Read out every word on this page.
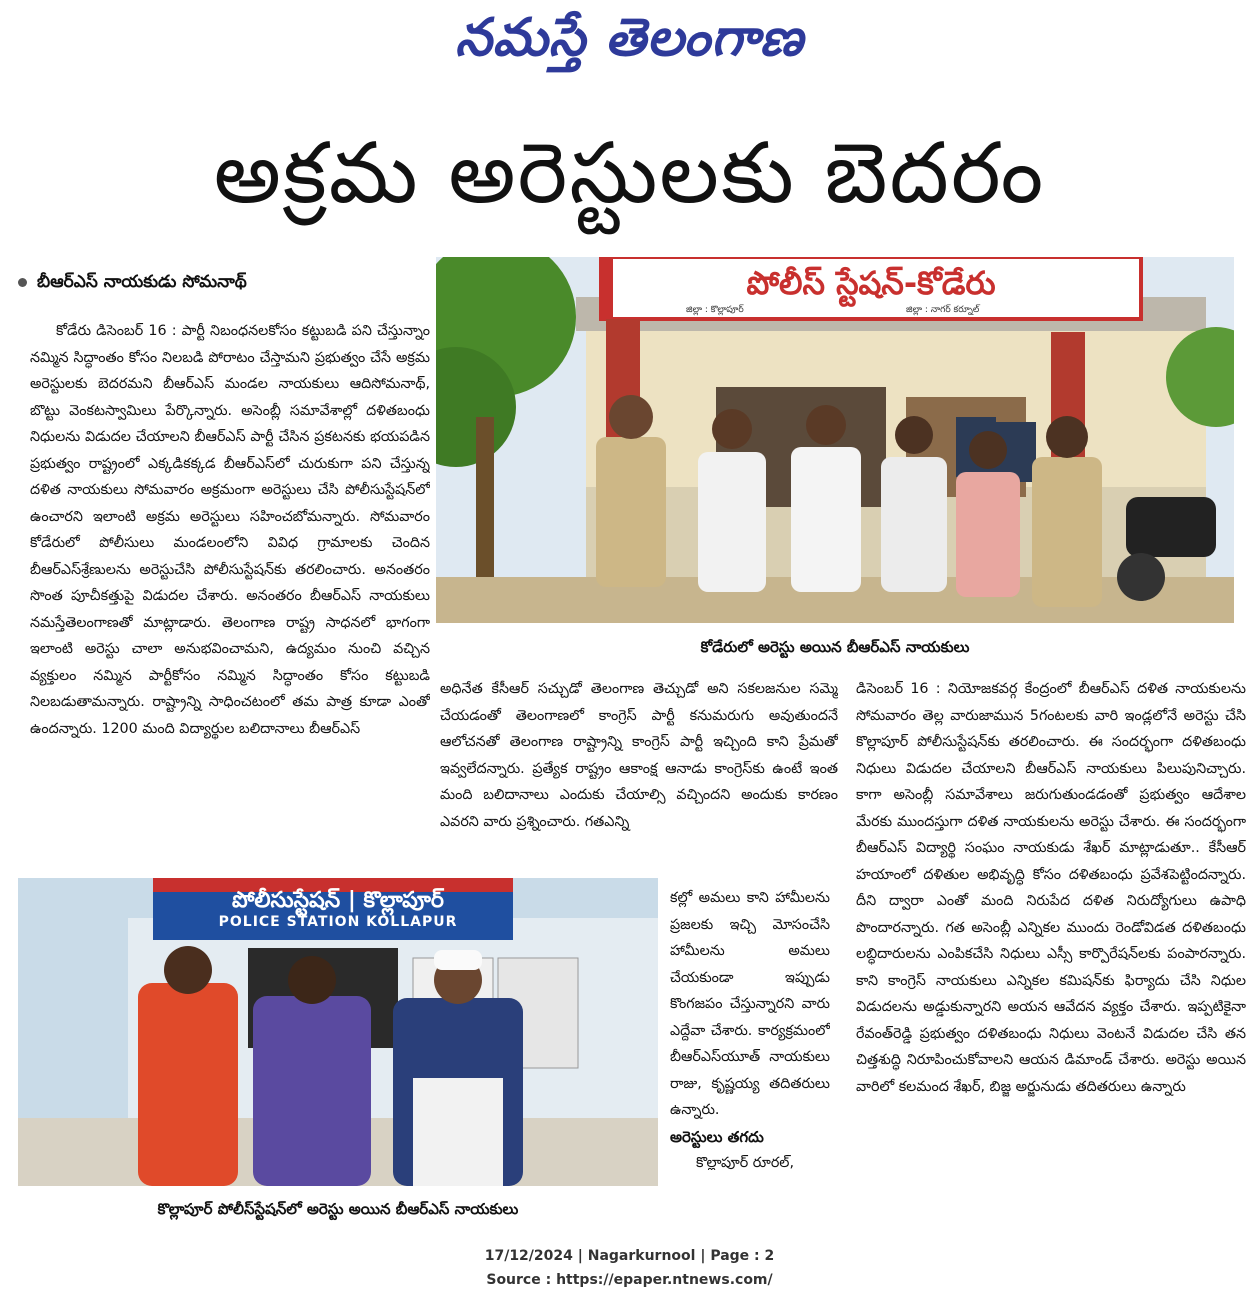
నమస్తే తెలంగాణ
అక్రమ అరెస్టులకు బెదరం
బీఆర్ఎస్ నాయకుడు సోమనాథ్

కోడేరు డిసెంబర్ 16 : పార్టీ నిబంధనలకోసం కట్టుబడి పని చేస్తున్నాం నమ్మిన సిద్ధాంతం కోసం నిలబడి పోరాటం చేస్తామని ప్రభుత్వం చేసే అక్రమ అరెస్టులకు బెదరమని బీఆర్ఎస్ మండల నాయకులు ఆదిసోమనాథ్, బొట్టు వెంకటస్వామిలు పేర్కొన్నారు. అసెంబ్లీ సమావేశాల్లో దళితబంధు నిధులను విడుదల చేయాలని బీఆర్ఎస్ పార్టీ చేసిన ప్రకటనకు భయపడిన ప్రభుత్వం రాష్ట్రంలో ఎక్కడికక్కడ బీఆర్ఎస్‌లో చురుకుగా పని చేస్తున్న దళిత నాయకులు సోమవారం అక్రమంగా అరెస్టులు చేసి పోలీసుస్టేషన్‌లో ఉంచారని ఇలాంటి అక్రమ అరెస్టులు సహించబోమన్నారు. సోమవారం కోడేరులో పోలీసులు మండలంలోని వివిధ గ్రామాలకు చెందిన బీఆర్ఎస్‌శ్రేణులను అరెస్టుచేసి పోలీసుస్టేషన్‌కు తరలించారు. అనంతరం సొంత పూచీకత్తుపై విడుదల చేశారు. అనంతరం బీఆర్ఎస్ నాయకులు నమస్తేతెలంగాణతో మాట్లాడారు. తెలంగాణ రాష్ట్ర సాధనలో భాగంగా ఇలాంటి అరెస్టు చాలా అనుభవించామని, ఉద్యమం నుంచి వచ్చిన వ్యక్తులం నమ్మిన పార్టీకోసం నమ్మిన సిద్ధాంతం కోసం కట్టుబడి నిలబడుతామన్నారు. రాష్ట్రాన్ని సాధించటంలో తమ పాత్ర కూడా ఎంతో ఉందన్నారు. 1200 మంది విద్యార్థుల బలిదానాలు బీఆర్ఎస్

పోలీస్ స్టేషన్-కోడేరు
జిల్లా : కొల్లాపూర్	జిల్లా : నాగర్ కర్నూల్
కోడేరులో అరెస్టు అయిన బీఆర్ఎస్ నాయకులు

అధినేత కేసీఆర్ సచ్చుడో తెలంగాణ తెచ్చుడో అని సకలజనుల సమ్మె చేయడంతో తెలంగాణలో కాంగ్రెస్ పార్టీ కనుమరుగు అవుతుందనే ఆలోచనతో తెలంగాణ రాష్ట్రాన్ని కాంగ్రెస్ పార్టీ ఇచ్చింది కాని ప్రేమతో ఇవ్వలేదన్నారు. ప్రత్యేక రాష్ట్రం ఆకాంక్ష ఆనాడు కాంగ్రెస్‌కు ఉంటే ఇంత మంది బలిదానాలు ఎందుకు చేయాల్సి వచ్చిందని అందుకు కారణం ఎవరని వారు ప్రశ్నించారు. గతఎన్ని

కల్లో అమలు కాని హామీలను ప్రజలకు ఇచ్చి మోసంచేసి హామీలను అమలు చేయకుండా ఇప్పుడు కొంగజపం చేస్తున్నారని వారు ఎద్దేవా చేశారు. కార్యక్రమంలో బీఆర్ఎస్‌యూత్ నాయకులు రాజు, కృష్ణయ్య తదితరులు ఉన్నారు.

అరెస్టులు తగదు

కొల్లాపూర్ రూరల్,

పోలీసుస్టేషన్ | కొల్లాపూర్
POLICE STATION KOLLAPUR
కొల్లాపూర్ పోలీస్‌స్టేషన్‌లో అరెస్టు అయిన బీఆర్ఎస్ నాయకులు

డిసెంబర్ 16 : నియోజకవర్గ కేంద్రంలో బీఆర్ఎస్ దళిత నాయకులను సోమవారం తెల్ల వారుజామున 5గంటలకు వారి ఇండ్లలోనే అరెస్టు చేసి కొల్లాపూర్ పోలీసుస్టేషన్‌కు తరలించారు. ఈ సందర్భంగా దళితబంధు నిధులు విడుదల చేయాలని బీఆర్ఎస్ నాయకులు పిలుపునిచ్చారు. కాగా అసెంబ్లీ సమావేశాలు జరుగుతుండడంతో ప్రభుత్వం ఆదేశాల మేరకు ముందస్తుగా దళిత నాయకులను అరెస్టు చేశారు. ఈ సందర్భంగా బీఆర్ఎస్ విద్యార్థి సంఘం నాయకుడు శేఖర్ మాట్లాడుతూ.. కేసీఆర్ హయాంలో దళితుల అభివృద్ధి కోసం దళితబంధు ప్రవేశపెట్టిందన్నారు. దీని ద్వారా ఎంతో మంది నిరుపేద దళిత నిరుద్యోగులు ఉపాధి పొందారన్నారు. గత అసెంబ్లీ ఎన్నికల ముందు రెండోవిడత దళితబంధు లబ్ధిదారులను ఎంపికచేసి నిధులు ఎస్సీ కార్పొరేషన్‌లకు పంపారన్నారు. కాని కాంగ్రెస్ నాయకులు ఎన్నికల కమిషన్‌కు ఫిర్యాదు చేసి నిధుల విడుదలను అడ్డుకున్నారని అయన ఆవేదన వ్యక్తం చేశారు. ఇప్పటికైనా రేవంత్‌రెడ్డి ప్రభుత్వం దళితబంధు నిధులు వెంటనే విడుదల చేసి తన చిత్తశుద్ధి నిరూపించుకోవాలని ఆయన డిమాండ్ చేశారు. అరెస్టు అయిన వారిలో కలమంద శేఖర్, బిజ్జ అర్జునుడు తదితరులు ఉన్నారు

17/12/2024 | Nagarkurnool | Page : 2
Source : https://epaper.ntnews.com/
